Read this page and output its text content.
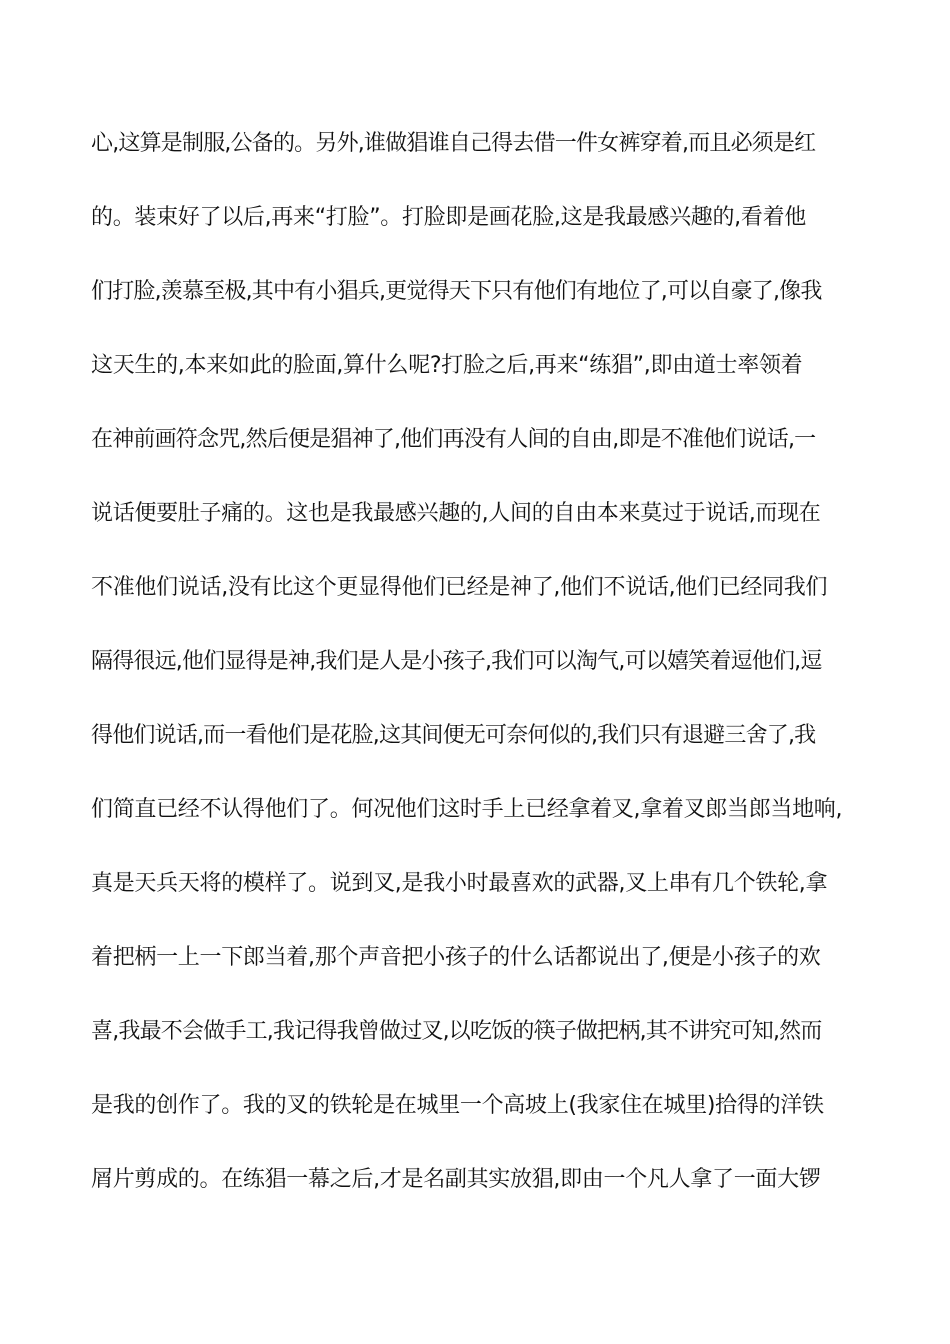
心,这算是制服,公备的。另外,谁做猖谁自己得去借一件女裤穿着,而且必须是红
的。装束好了以后,再来“打脸”。打脸即是画花脸,这是我最感兴趣的,看着他
们打脸,羡慕至极,其中有小猖兵,更觉得天下只有他们有地位了,可以自豪了,像我
这天生的,本来如此的脸面,算什么呢?打脸之后,再来“练猖”,即由道士率领着
在神前画符念咒,然后便是猖神了,他们再没有人间的自由,即是不准他们说话,一
说话便要肚子痛的。这也是我最感兴趣的,人间的自由本来莫过于说话,而现在
不准他们说话,没有比这个更显得他们已经是神了,他们不说话,他们已经同我们
隔得很远,他们显得是神,我们是人是小孩子,我们可以淘气,可以嬉笑着逗他们,逗
得他们说话,而一看他们是花脸,这其间便无可奈何似的,我们只有退避三舍了,我
们简直已经不认得他们了。何况他们这时手上已经拿着叉,拿着叉郎当郎当地响,
真是天兵天将的模样了。说到叉,是我小时最喜欢的武器,叉上串有几个铁轮,拿
着把柄一上一下郎当着,那个声音把小孩子的什么话都说出了,便是小孩子的欢
喜,我最不会做手工,我记得我曾做过叉,以吃饭的筷子做把柄,其不讲究可知,然而
是我的创作了。我的叉的铁轮是在城里一个高坡上(我家住在城里)拾得的洋铁
屑片剪成的。在练猖一幕之后,才是名副其实放猖,即由一个凡人拿了一面大锣
